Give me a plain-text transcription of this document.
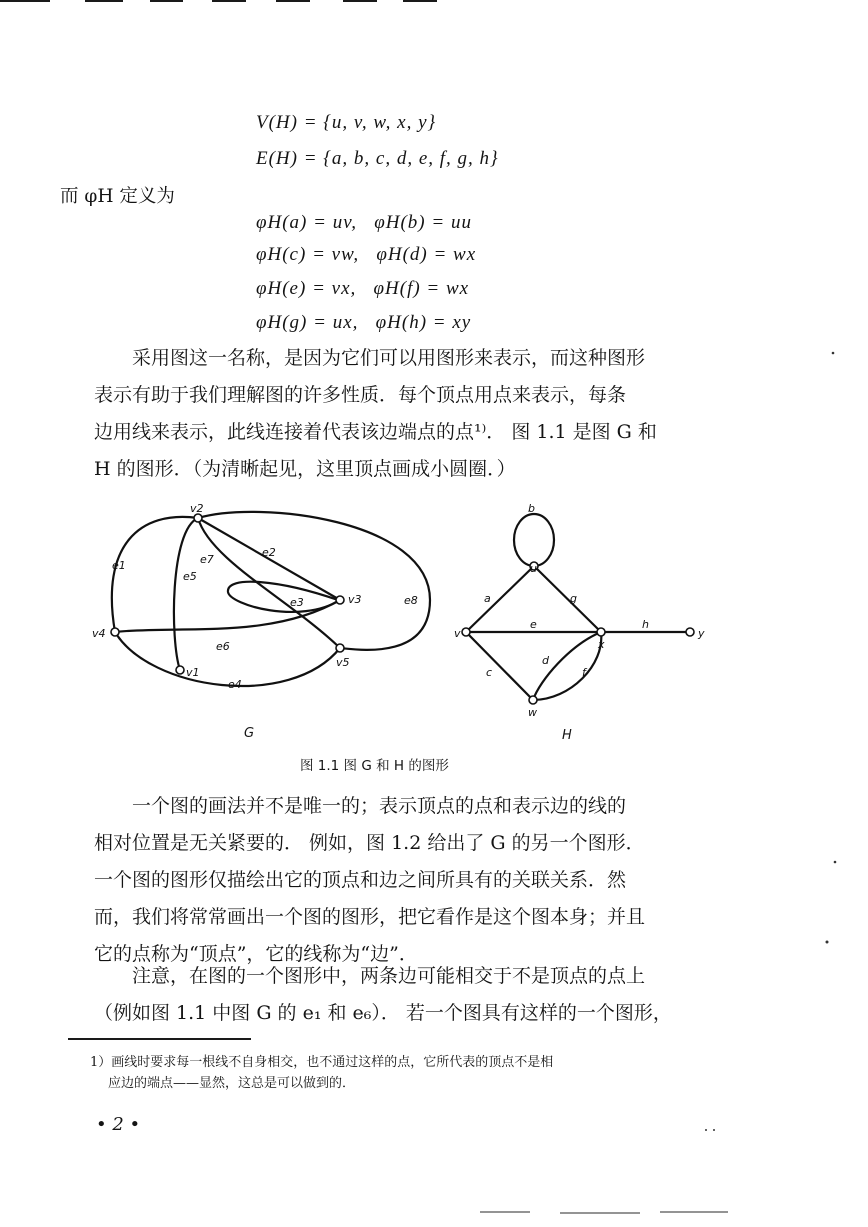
V(H) = {u, v, w, x, y}
E(H) = {a, b, c, d, e, f, g, h}
而 φH 定义为
φH(a) = uv,   φH(b) = uu
φH(c) = vw,   φH(d) = wx
φH(e) = vx,   φH(f) = wx
φH(g) = ux,   φH(h) = xy

采用图这一名称，是因为它们可以用图形来表示，而这种图形

表示有助于我们理解图的许多性质．每个顶点用点来表示，每条

边用线来表示，此线连接着代表该边端点的点¹⁾． 图 1.1 是图 G 和

H 的图形．（为清晰起见，这里顶点画成小圆圈．）

v2
v3
v4
v1
v5
e1
e2
e3
e4
e5
e6
e7
e8
u
v
x
y
w
a
b
c
d
e
f
g
h
G	H
图 1.1 图 G 和 H 的图形

一个图的画法并不是唯一的；表示顶点的点和表示边的线的

相对位置是无关紧要的． 例如，图 1.2 给出了 G 的另一个图形．

一个图的图形仅描绘出它的顶点和边之间所具有的关联关系．然

而，我们将常常画出一个图的图形，把它看作是这个图本身；并且

它的点称为“顶点”，它的线称为“边”．

注意，在图的一个图形中，两条边可能相交于不是顶点的点上

（例如图 1.1 中图 G 的 e₁ 和 e₆）． 若一个图具有这样的一个图形，

1）画线时要求每一根线不自身相交，也不通过这样的点，它所代表的顶点不是相

应边的端点——显然，这总是可以做到的．

• 2 •
